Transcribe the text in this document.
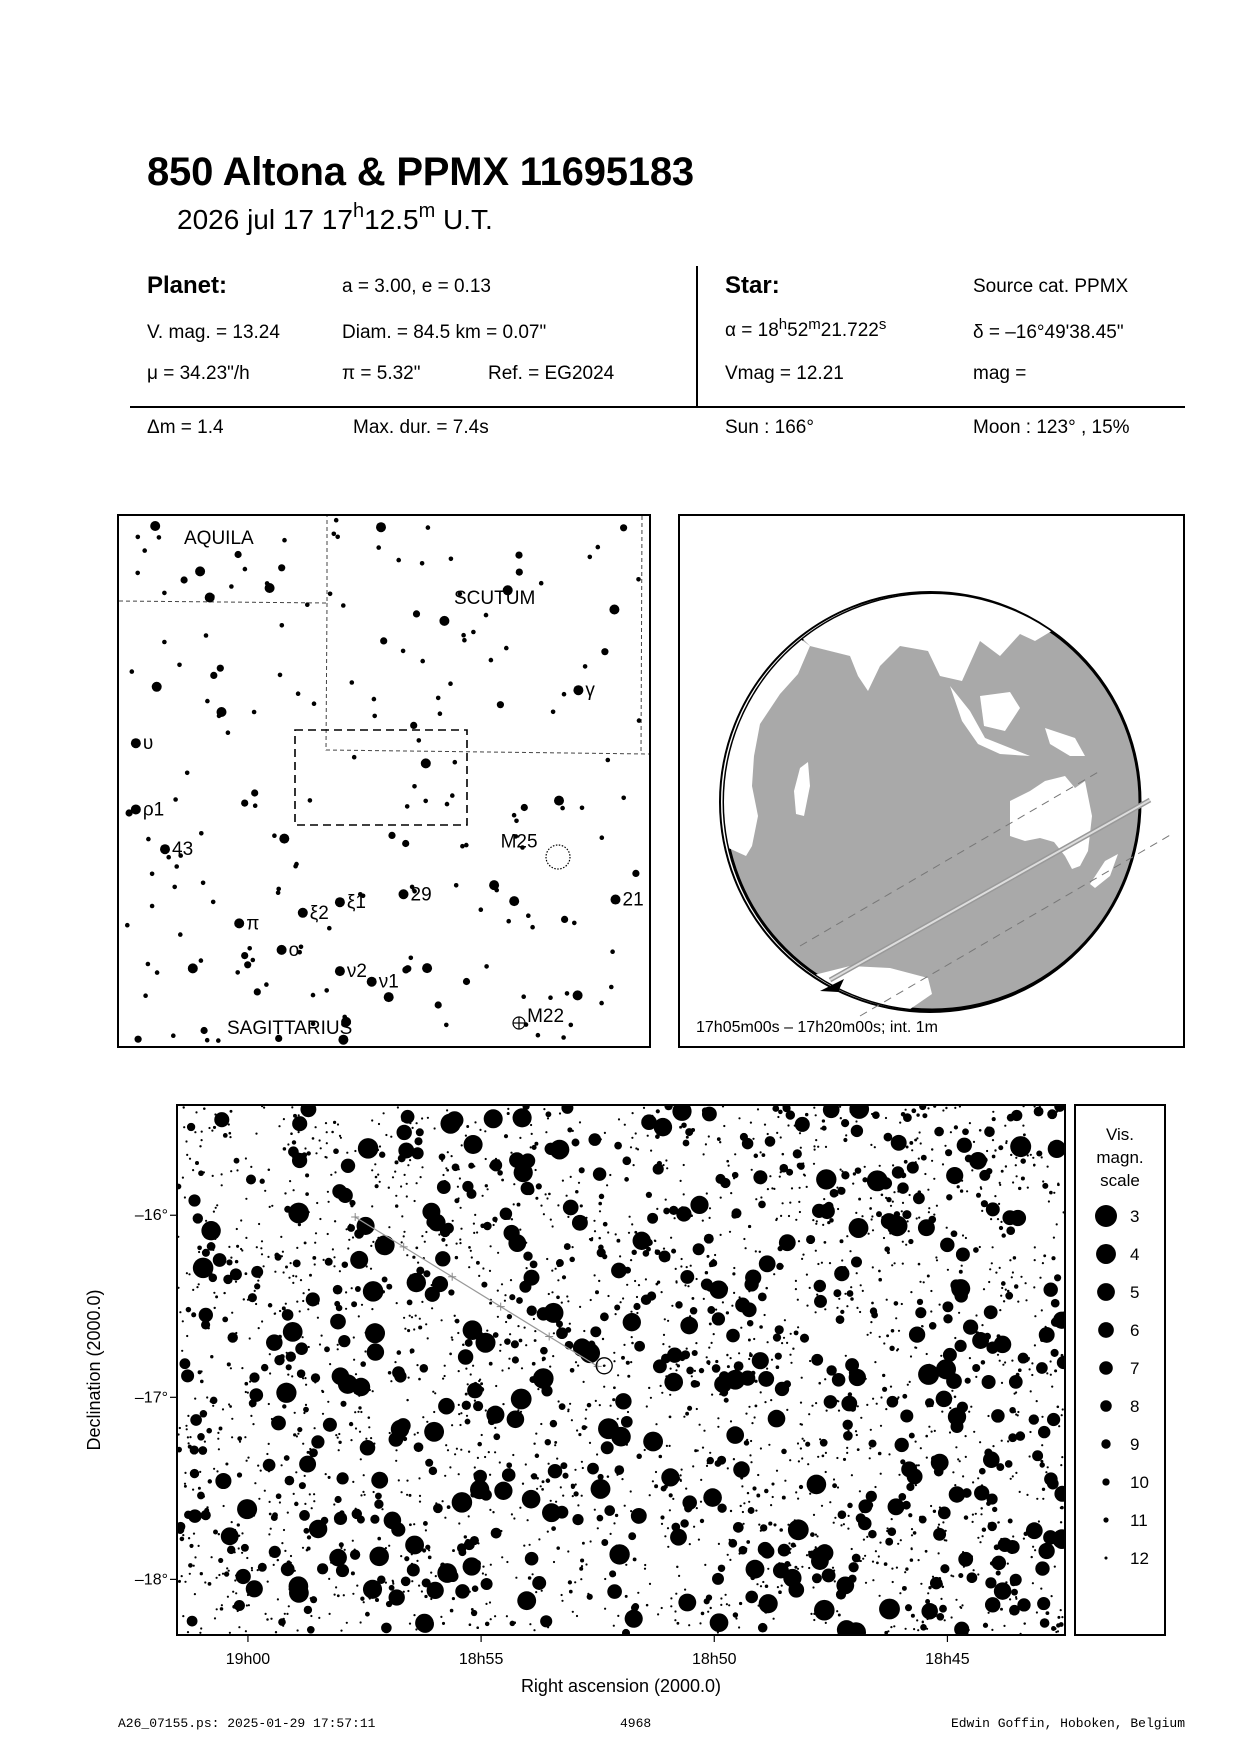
850 Altona & PPMX 11695183
2026 jul 17 17$^h$12.5$^m$ U.T.
Planet:	a = 3.00, e = 0.13
V. mag. = 13.24	Diam. = 84.5 km = 0.07"
μ = 34.23"/h	π = 5.32"	Ref. = EG2024
Star:	Source cat. PPMX
$\alpha = 18^h52^m21.722^s$	δ = –16°49'38.45"
Vmag = 12.21	mag =
Δm = 1.4	Max. dur. = 7.4s	Sun : 166°	Moon : 123° , 15%
AQUILA
SCUTUM
SAGITTARIUS
υ
ρ1
43
γ
M25
29
ξ2
ξ1
π
o
ν2
ν1
21
M22
17h05m00s – 17h20m00s; int. 1m
19h00	18h55	18h50	18h45
–16°
–17°
–18°
Right ascension (2000.0)
Declination (2000.0)
Vis.
magn.
scale
3
4
5
6
7
8
9
10
11
12
A26_07155.ps: 2025-01-29 17:57:11	4968	Edwin Goffin, Hoboken, Belgium
